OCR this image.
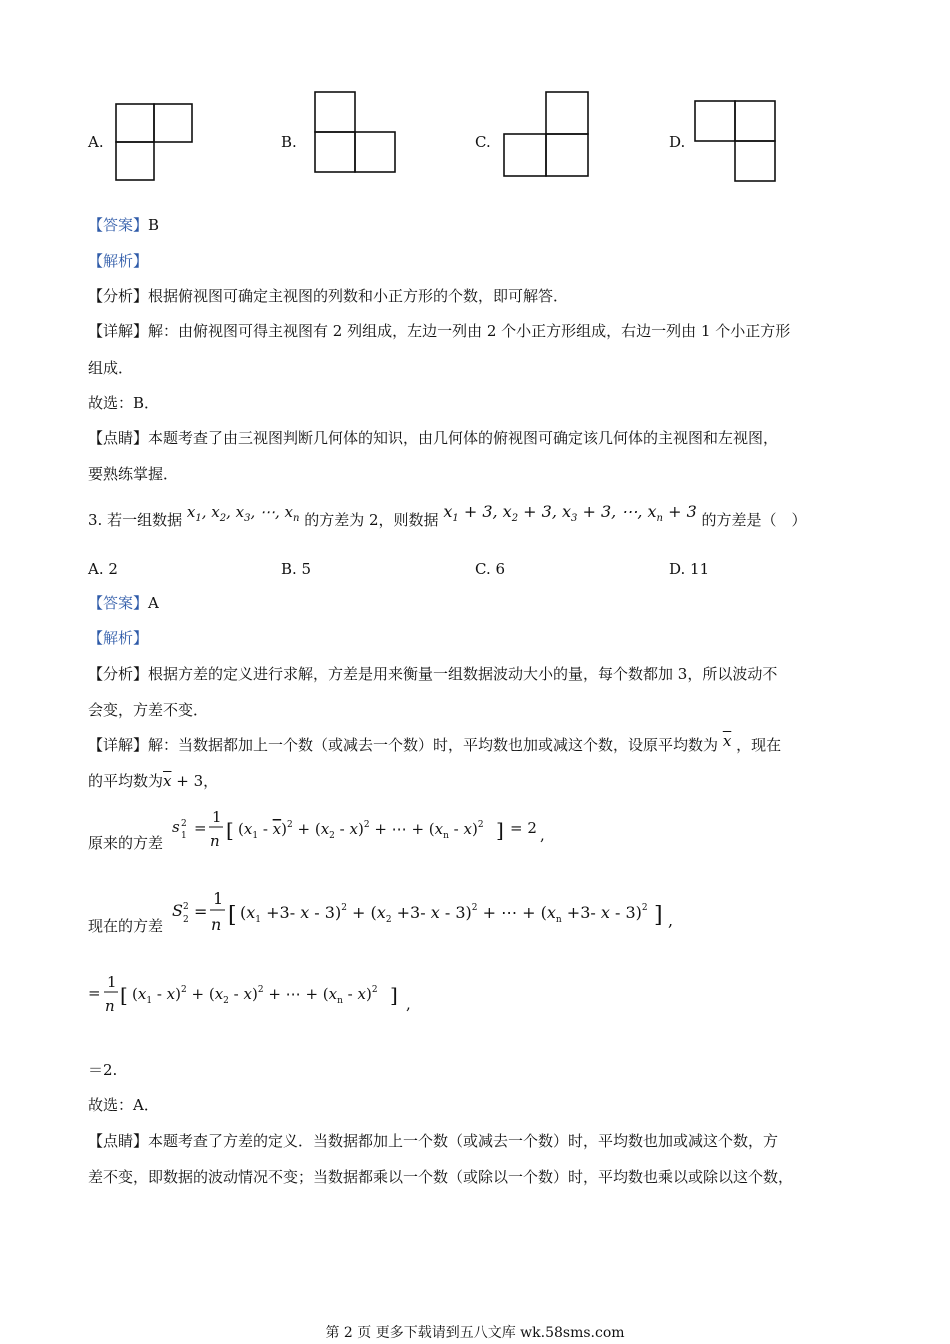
A.	B.	C.	D.
【答案】B
【解析】
【分析】根据俯视图可确定主视图的列数和小正方形的个数，即可解答．
【详解】解：由俯视图可得主视图有 2 列组成，左边一列由 2 个小正方形组成，右边一列由 1 个小正方形
组成．
故选：B．
【点睛】本题考查了由三视图判断几何体的知识，由几何体的俯视图可确定该几何体的主视图和左视图，
要熟练掌握．
3. 若一组数据 $x_1$, $x_2$, $x_3$, ⋯, $x_n$ 的方差为 2，则数据 $x_1 + 3$, $x_2 + 3$, $x_3 + 3$, ⋯, $x_n + 3$ 的方差是（　）
A. 2	B. 5	C. 6	D. 11
【答案】A
【解析】
【分析】根据方差的定义进行求解，方差是用来衡量一组数据波动大小的量，每个数都加 3，所以波动不
会变，方差不变．
【详解】解：当数据都加上一个数（或减去一个数）时，平均数也加或减这个数，设原平均数为 $\overline{x}$ ，现在
的平均数为$\overline{x} + 3$，
原来的方差
s 2
1 =
1
n [ $(x_1 - x)^2 + (x_2 - x)^2$ + ⋯ + $(x_n - x)^2$ ] = 2 ,
现在的方差
S 2
2 =
1
n [ ($x_1 +3-$ $x - 3)^2 + (x_2 +3-$ x - 3)$^2$ + ⋯ + ($x_n +3-$ x - 3)$^2$ ] ,
=
1
n [ $(x_1 - x)^2 + (x_2 - x)^2$ + ⋯ + $(x_n - x)^2$ ] ,
＝2.
故选：A．
【点睛】本题考查了方差的定义．当数据都加上一个数（或减去一个数）时，平均数也加或减这个数，方
差不变，即数据的波动情况不变；当数据都乘以一个数（或除以一个数）时，平均数也乘以或除以这个数，
第 2 页 更多下载请到五八文库 wk.58sms.com
